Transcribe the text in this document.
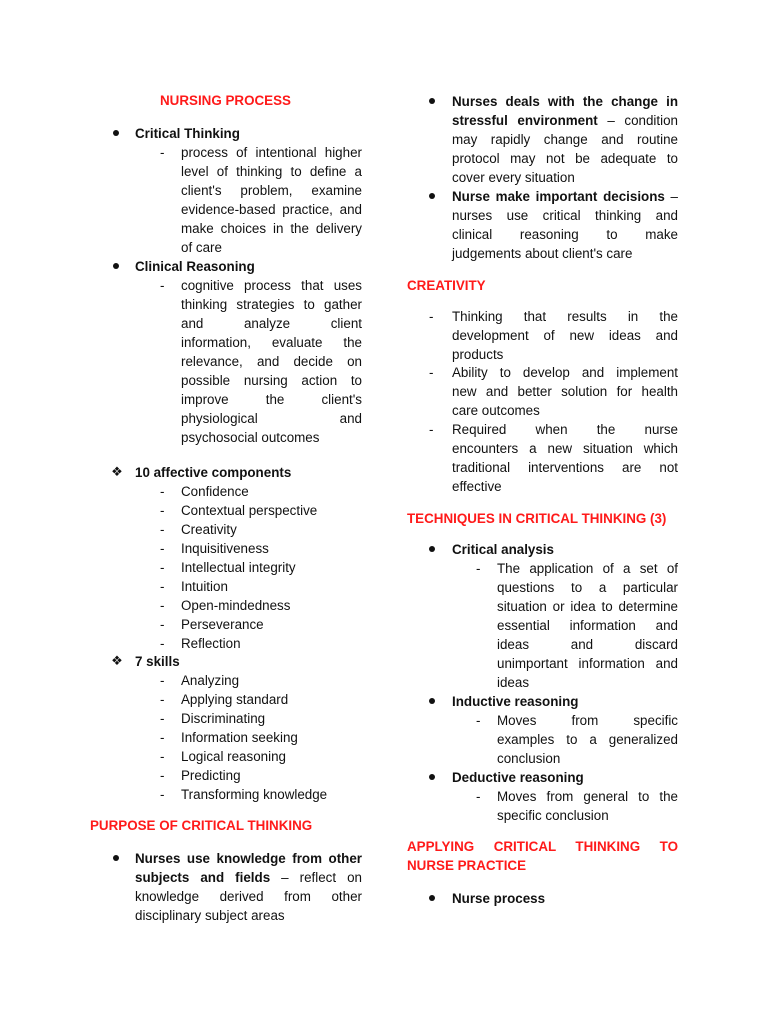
NURSING PROCESS
Critical Thinking
-	process of intentional higher
level of thinking to define a
client's problem, examine
evidence-based practice, and
make choices in the delivery
of care
Clinical Reasoning
-	cognitive process that uses
thinking strategies to gather
and analyze client
information, evaluate the
relevance, and decide on
possible nursing action to
improve the client's
physiological and
psychosocial outcomes
❖ 10 affective components
- Confidence
- Contextual perspective
- Creativity
- Inquisitiveness
- Intellectual integrity
- Intuition
- Open-mindedness
- Perseverance
- Reflection
❖ 7 skills
- Analyzing
- Applying standard
- Discriminating
- Information seeking
- Logical reasoning
- Predicting
- Transforming knowledge
PURPOSE OF CRITICAL THINKING
Nurses use knowledge from other
subjects and fields – reflect on
knowledge derived from other
disciplinary subject areas
Nurses deals with the change in
stressful environment – condition
may rapidly change and routine
protocol may not be adequate to
cover every situation
Nurse make important decisions –
nurses use critical thinking and
clinical reasoning to make
judgements about client's care
CREATIVITY
-	Thinking that results in the
development of new ideas and
products
-	Ability to develop and implement
new and better solution for health
care outcomes
-	Required when the nurse
encounters a new situation which
traditional interventions are not
effective
TECHNIQUES IN CRITICAL THINKING (3)
Critical analysis
-	The application of a set of
questions to a particular
situation or idea to determine
essential information and
ideas and discard
unimportant information and
ideas
Inductive reasoning
-	Moves from specific
examples to a generalized
conclusion
Deductive reasoning
-	Moves from general to the
specific conclusion
APPLYING CRITICAL THINKING TO
NURSE PRACTICE
Nurse process
